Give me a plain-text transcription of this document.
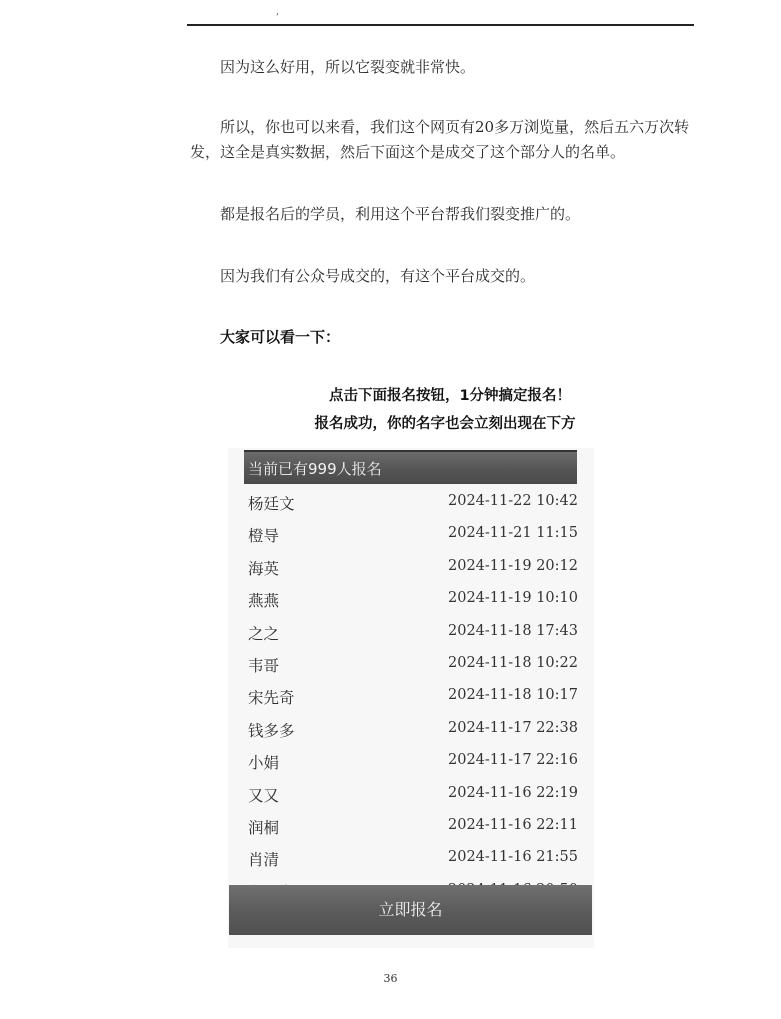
,

因为这么好用，所以它裂变就非常快。

所以，你也可以来看，我们这个网页有20多万浏览量，然后五六万次转发，这全是真实数据，然后下面这个是成交了这个部分人的名单。

都是报名后的学员，利用这个平台帮我们裂变推广的。

因为我们有公众号成交的，有这个平台成交的。

大家可以看一下：

点击下面报名按钮，1分钟搞定报名！
报名成功，你的名字也会立刻出现在下方
当前已有999人报名
杨廷文	2024-11-22 10:42
橙导	2024-11-21 11:15
海英	2024-11-19 20:12
燕燕	2024-11-19 10:10
之之	2024-11-18 17:43
韦哥	2024-11-18 10:22
宋先奇	2024-11-18 10:17
钱多多	2024-11-17 22:38
小娟	2024-11-17 22:16
又又	2024-11-16 22:19
润桐	2024-11-16 22:11
肖清	2024-11-16 21:55
立即报名
36
